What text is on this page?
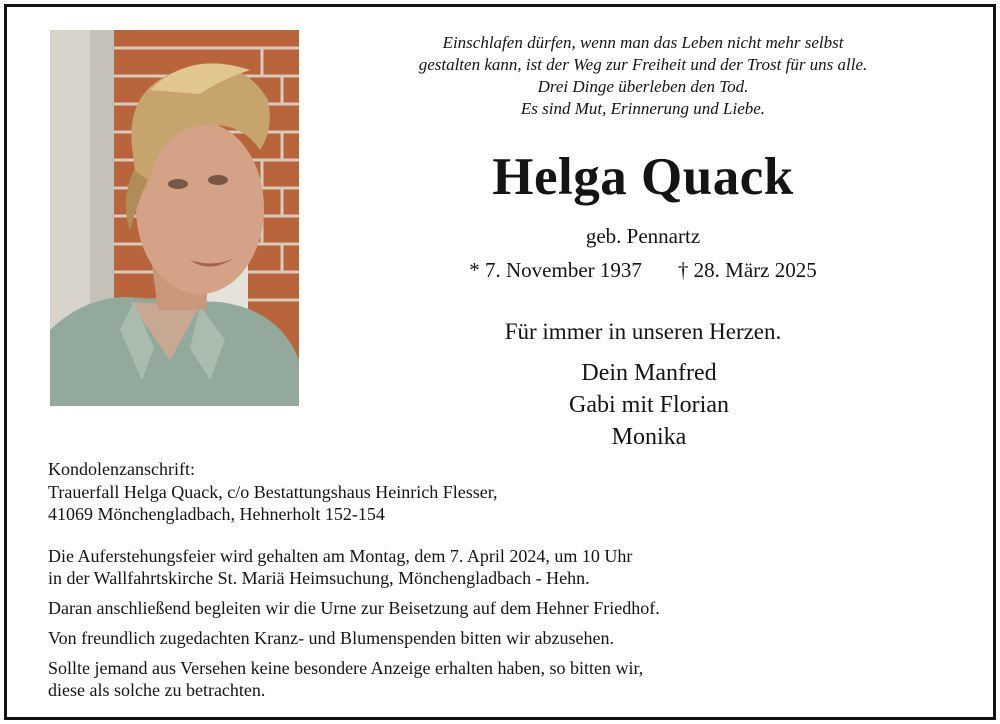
Einschlafen dürfen, wenn man das Leben nicht mehr selbst
gestalten kann, ist der Weg zur Freiheit und der Trost für uns alle.
Drei Dinge überleben den Tod.
Es sind Mut, Erinnerung und Liebe.
Helga Quack
geb. Pennartz
* 7. November 1937 † 28. März 2025
Für immer in unseren Herzen.
Dein Manfred
Gabi mit Florian
Monika
Kondolenzanschrift:
Trauerfall Helga Quack, c/o Bestattungshaus Heinrich Flesser,
41069 Mönchengladbach, Hehnerholt 152-154
Die Auferstehungsfeier wird gehalten am Montag, dem 7. April 2024, um 10 Uhr
in der Wallfahrtskirche St. Mariä Heimsuchung, Mönchengladbach - Hehn.
Daran anschließend begleiten wir die Urne zur Beisetzung auf dem Hehner Friedhof.
Von freundlich zugedachten Kranz- und Blumenspenden bitten wir abzusehen.
Sollte jemand aus Versehen keine besondere Anzeige erhalten haben, so bitten wir,
diese als solche zu betrachten.
